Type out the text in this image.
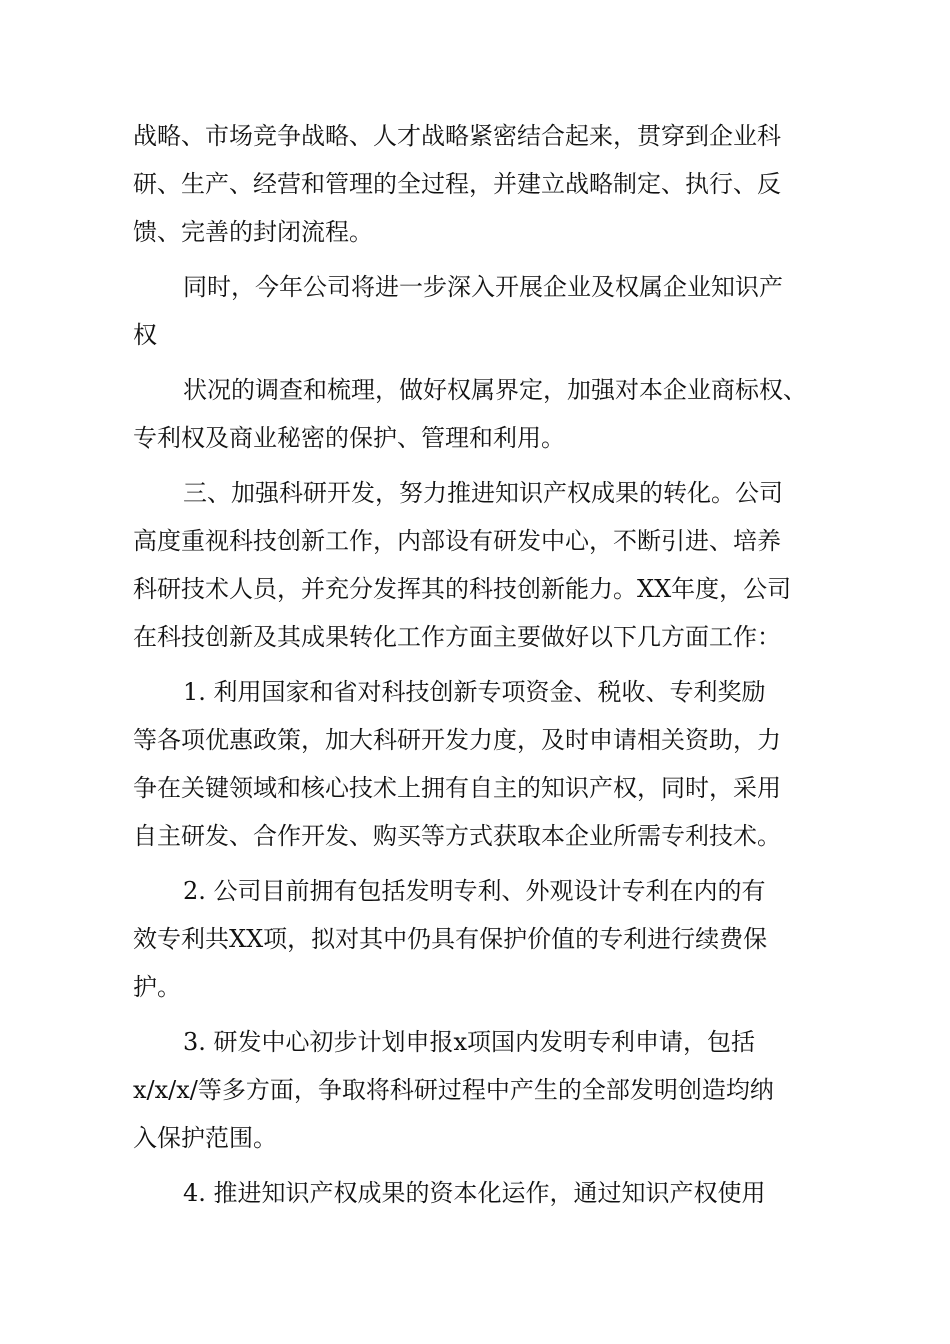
战略、市场竞争战略、人才战略紧密结合起来，贯穿到企业科
研、生产、经营和管理的全过程，并建立战略制定、执行、反
馈、完善的封闭流程。
同时，今年公司将进一步深入开展企业及权属企业知识产
权
状况的调查和梳理，做好权属界定，加强对本企业商标权、
专利权及商业秘密的保护、管理和利用。
三、加强科研开发，努力推进知识产权成果的转化。公司
高度重视科技创新工作，内部设有研发中心，不断引进、培养
科研技术人员，并充分发挥其的科技创新能力。XX年度，公司
在科技创新及其成果转化工作方面主要做好以下几方面工作：
1. 利用国家和省对科技创新专项资金、税收、专利奖励
等各项优惠政策，加大科研开发力度，及时申请相关资助，力
争在关键领域和核心技术上拥有自主的知识产权，同时，采用
自主研发、合作开发、购买等方式获取本企业所需专利技术。
2. 公司目前拥有包括发明专利、外观设计专利在内的有
效专利共XX项，拟对其中仍具有保护价值的专利进行续费保
护。
3. 研发中心初步计划申报x项国内发明专利申请，包括
x/x/x/等多方面，争取将科研过程中产生的全部发明创造均纳
入保护范围。
4. 推进知识产权成果的资本化运作，通过知识产权使用
